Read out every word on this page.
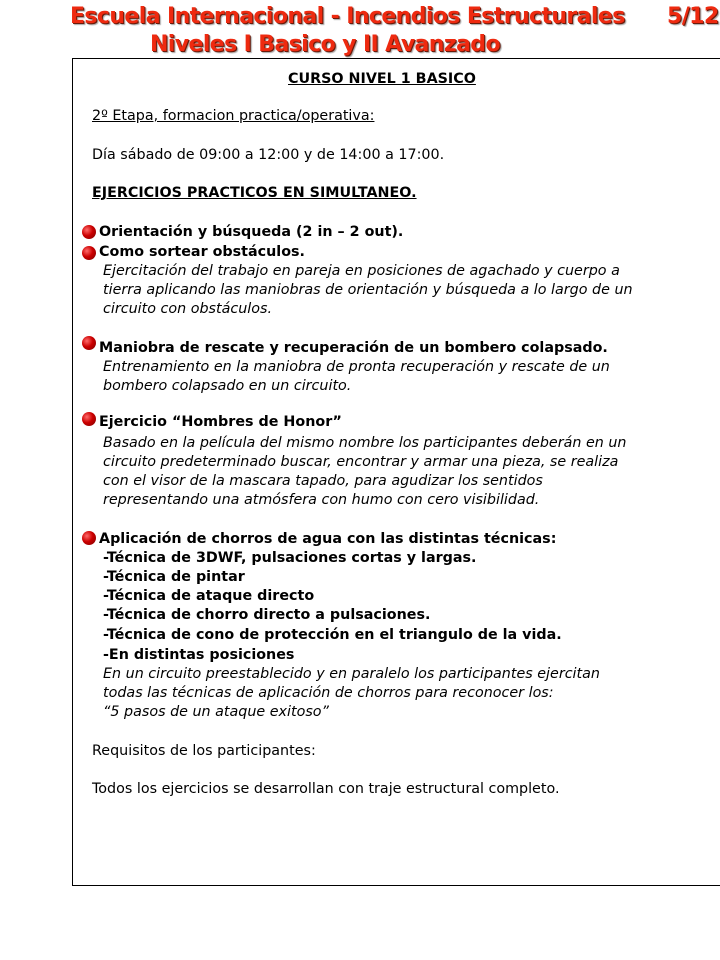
Escuela Internacional - Incendios Estructurales
Niveles I Basico y II Avanzado
5/12
CURSO NIVEL 1 BASICO
2º Etapa, formacion practica/operativa:
Día sábado de 09:00 a 12:00 y de 14:00 a 17:00.
EJERCICIOS PRACTICOS EN SIMULTANEO.
Orientación y búsqueda (2 in – 2 out).
Como sortear obstáculos.
Ejercitación del trabajo en pareja en posiciones de agachado y cuerpo a
tierra aplicando las maniobras de orientación y búsqueda a lo largo de un
circuito con obstáculos.
Maniobra de rescate y recuperación de un bombero colapsado.
Entrenamiento en la maniobra de pronta recuperación y rescate de un
bombero colapsado en un circuito.
Ejercicio “Hombres de Honor”
Basado en la película del mismo nombre los participantes deberán en un
circuito predeterminado buscar, encontrar y armar una pieza, se realiza
con el visor de la mascara tapado, para agudizar los sentidos
representando una atmósfera con humo con cero visibilidad.
Aplicación de chorros de agua con las distintas técnicas:
-Técnica de 3DWF, pulsaciones cortas y largas.
-Técnica de pintar
-Técnica de ataque directo
-Técnica de chorro directo a pulsaciones.
-Técnica de cono de protección en el triangulo de la vida.
-En distintas posiciones
En un circuito preestablecido y en paralelo los participantes ejercitan
todas las técnicas de aplicación de chorros para reconocer los:
“5 pasos de un ataque exitoso”
Requisitos de los participantes:
Todos los ejercicios se desarrollan con traje estructural completo.
